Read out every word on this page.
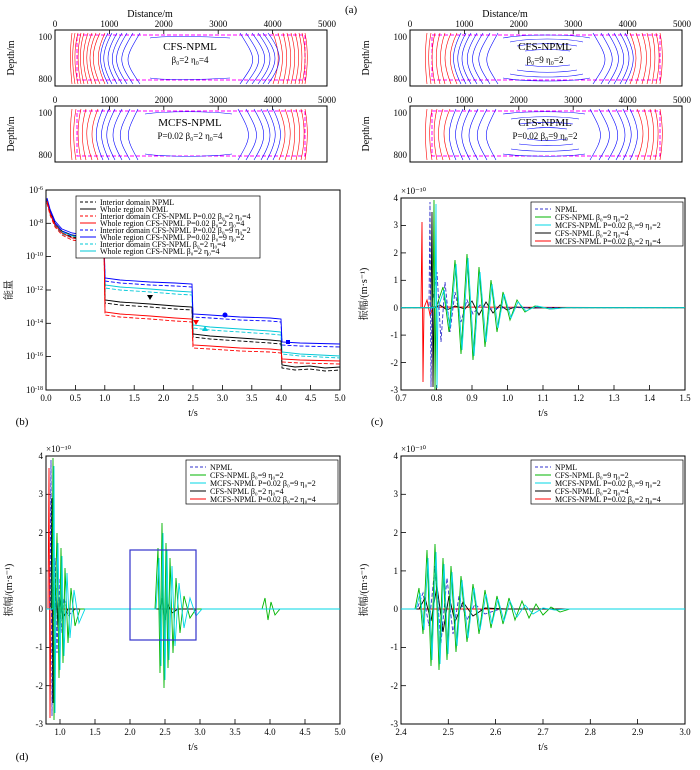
(a)
Distance/m
0	1000	2000	3000	4000	5000
100
800
Depth/m	CFS-NPML
β₀=2 η₀=4
Distance/m
0	1000	2000	3000	4000	5000
100
800
Depth/m	CFS-NPML
β₀=9 η₀=2
0	1000	2000	3000	4000	5000
100
800
Depth/m	MCFS-NPML
P=0.02 β₀=2 η₀=4
0	1000	2000	3000	4000	5000
100
800
Depth/m	CFS-NPML
P=0.02 β₀=9 η₀=2
$10^{-6}$
$10^{-8}$
$10^{-10}$
$10^{-12}$
$10^{-14}$
$10^{-16}$
$10^{-18}$
0.0 0.5 1.0 1.5 2.0 2.5 3.0 3.5 4.0 4.5 5.0
t/s
能量
Interior domain NPML
Whole region NPML
Interior domain CFS-NPML P=0.02 β₀=2 η₀=4
Whole region CFS-NPML P=0.02 β₀=2 η₀=4
Interior domain CFS-NPML P=0.02 β₀=9 η₀=2
Whole region CFS-NPML P=0.02 β₀=9 η₀=2
Interior domain CFS-NPML β₀=2 η₀=4
Whole region CFS-NPML β₀=2 η₀=4
(b)
×10⁻¹⁰
4
3
2
1
0
-1
-2
-3
0.7	0.8	0.9	1.0	1.1	1.2	1.3	1.4	1.5
t/s
振幅/(m·s⁻¹)
NPML
CFS-NPML β₀=9 η₀=2
MCFS-NPML P=0.02 β₀=9 η₀=2
CFS-NPML β₀=2 η₀=4
MCFS-NPML P=0.02 β₀=2 η₀=4
(c)
×10⁻¹⁰
4
3
2
1
0
-1
-2
-3
1.0	1.5	2.0	2.5	3.0	3.5	4.0	4.5	5.0
t/s
振幅/(m·s⁻¹)
NPML
CFS-NPML β₀=9 η₀=2
MCFS-NPML P=0.02 β₀=9 η₀=2
CFS-NPML β₀=2 η₀=4
MCFS-NPML P=0.02 β₀=2 η₀=4
(d)
×10⁻¹⁰
4
3
2
1
0
-1
-2
-3
2.4	2.5	2.6	2.7	2.8	2.9	3.0
t/s
振幅/(m·s⁻¹)
NPML
CFS-NPML β₀=9 η₀=2
MCFS-NPML P=0.02 β₀=9 η₀=2
CFS-NPML β₀=2 η₀=4
MCFS-NPML P=0.02 β₀=2 η₀=4
(e)
